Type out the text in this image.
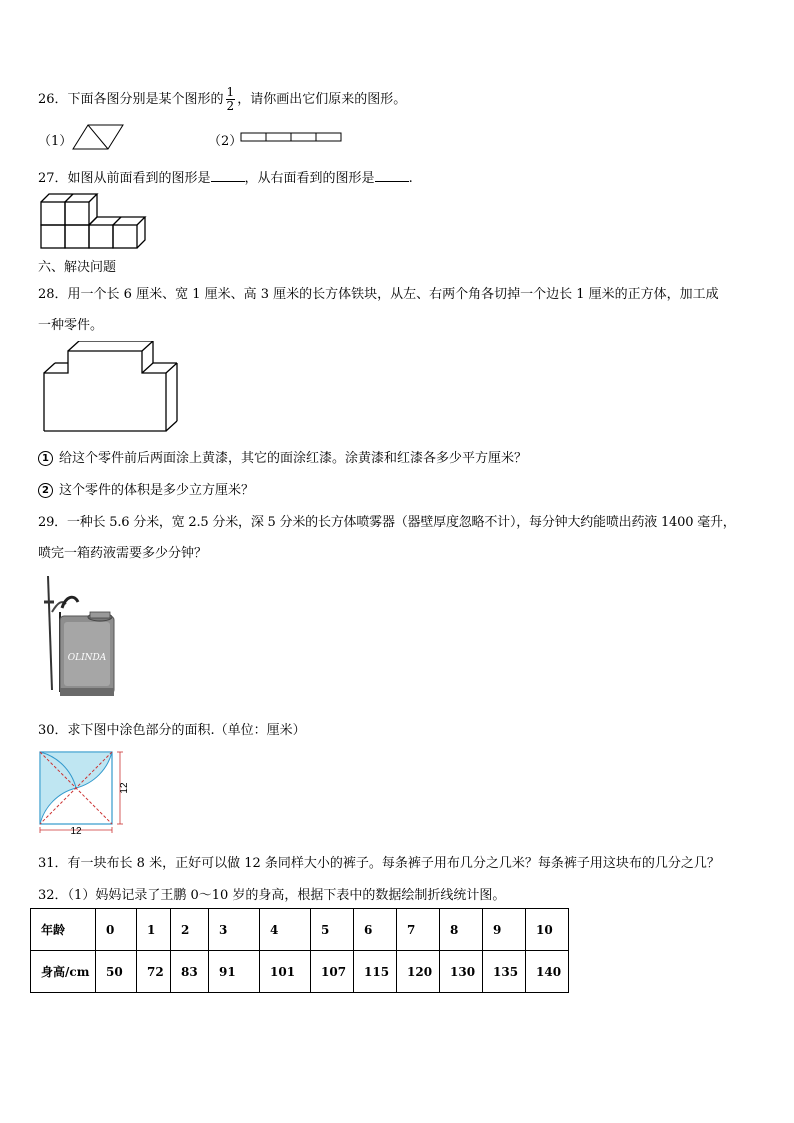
26．下面各图分别是某个图形的 $\frac{1}{2}$ ，请你画出它们原来的图形。
（1）	（2）
27．如图从前面看到的图形是	，从右面看到的图形是	.
六、解决问题
28．用一个长 6 厘米、宽 1 厘米、高 3 厘米的长方体铁块，从左、右两个角各切掉一个边长 1 厘米的正方体，加工成
一种零件。
1 给这个零件前后两面涂上黄漆，其它的面涂红漆。涂黄漆和红漆各多少平方厘米？
2 这个零件的体积是多少立方厘米？
29．一种长 5.6 分米，宽 2.5 分米，深 5 分米的长方体喷雾器（器壁厚度忽略不计），每分钟大约能喷出药液 1400 毫升，
喷完一箱药液需要多少分钟？
OLINDA
30．求下图中涂色部分的面积.（单位：厘米）
12
12
31．有一块布长 8 米，正好可以做 12 条同样大小的裤子。每条裤子用布几分之几米？每条裤子用这块布的几分之几？
32．（1）妈妈记录了王鹏 0～10 岁的身高，根据下表中的数据绘制折线统计图。
年龄	0	1	2	3	4	5	6	7	8	9	10
身高/cm	50	72	83	91	101	107	115	120	130	135	140
